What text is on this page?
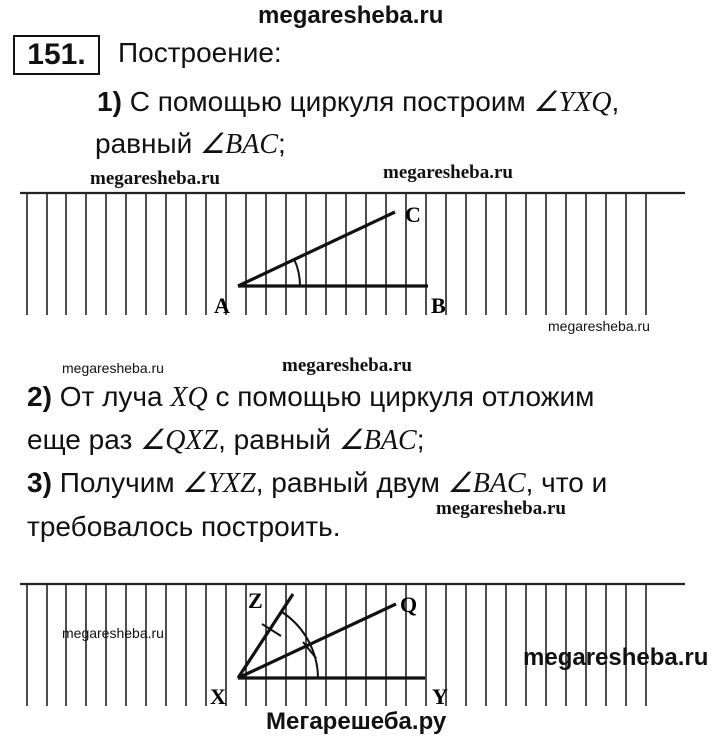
megaresheba.ru
151.	Построение:
1) С помощью циркуля построим ∠YXQ,
равный ∠BAC;
A	B
C
megaresheba.ru	megaresheba.ru
megaresheba.ru
megaresheba.ru	megaresheba.ru
2) От луча XQ с помощью циркуля отложим
еще раз ∠QXZ, равный ∠BAC;
3) Получим ∠YXZ, равный двум ∠BAC, что и
megaresheba.ru
требовалось построить.
X	Y
Q
Z
megaresheba.ru
megaresheba.ru
Мегарешеба.ру
